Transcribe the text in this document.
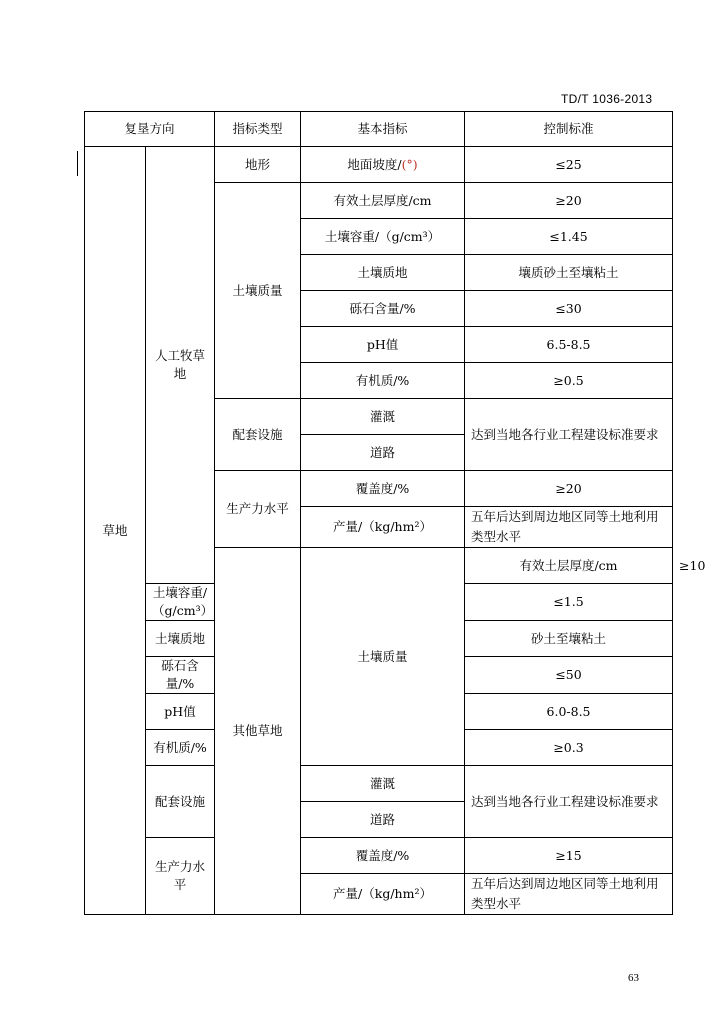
TD/T 1036-2013
复垦方向		指标类型	基本指标	控制标准	
草地	人工牧草地	地形	地面坡度/(°)	≤25	
		土壤质量	有效土层厚度/cm	≥20	
			土壤容重/（g/cm³）	≤1.45	
			土壤质地	壤质砂土至壤粘土	
			砾石含量/%	≤30	
			pH值	6.5-8.5	
			有机质/%	≥0.5	
		配套设施	灌溉	达到当地各行业工程建设标准要求	
			道路		
		生产力水平	覆盖度/%	≥20	
			产量/（kg/hm²）	五年后达到周边地区同等土地利用类型水平	
		其他草地	土壤质量	有效土层厚度/cm	≥10
	土壤容重/（g/cm³）			≤1.5	
	土壤质地			砂土至壤粘土	
	砾石含量/%			≤50	
	pH值			6.0-8.5	
	有机质/%			≥0.3	
	配套设施		灌溉	达到当地各行业工程建设标准要求	
			道路		
	生产力水平		覆盖度/%	≥15	
			产量/（kg/hm²）	五年后达到周边地区同等土地利用类型水平	
63
